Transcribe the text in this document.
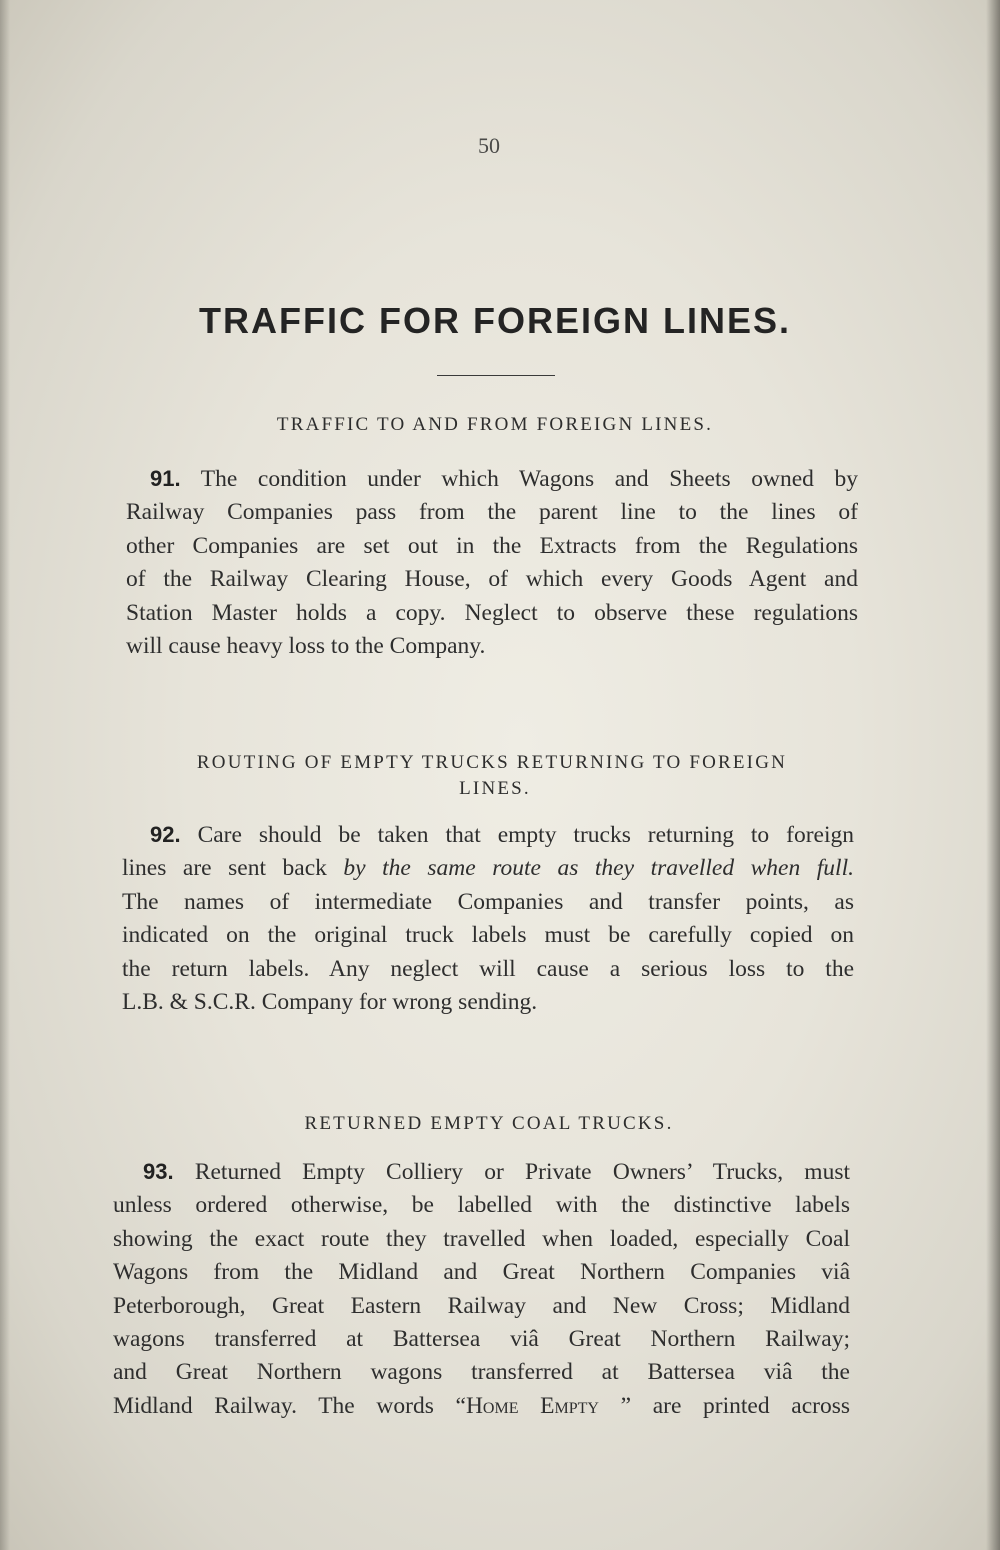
50
TRAFFIC FOR FOREIGN LINES.
TRAFFIC TO AND FROM FOREIGN LINES.
91. The condition under which Wagons and Sheets owned by
Railway Companies pass from the parent line to the lines of
other Companies are set out in the Extracts from the Regulations
of the Railway Clearing House, of which every Goods Agent and
Station Master holds a copy. Neglect to observe these regulations
will cause heavy loss to the Company.
ROUTING OF EMPTY TRUCKS RETURNING TO FOREIGN
LINES.
92. Care should be taken that empty trucks returning to foreign
lines are sent back by the same route as they travelled when full.
The names of intermediate Companies and transfer points, as
indicated on the original truck labels must be carefully copied on
the return labels. Any neglect will cause a serious loss to the
L.B. & S.C.R. Company for wrong sending.
RETURNED EMPTY COAL TRUCKS.
93. Returned Empty Colliery or Private Owners’ Trucks, must
unless ordered otherwise, be labelled with the distinctive labels
showing the exact route they travelled when loaded, especially Coal
Wagons from the Midland and Great Northern Companies viâ
Peterborough, Great Eastern Railway and New Cross; Midland
wagons transferred at Battersea viâ Great Northern Railway;
and Great Northern wagons transferred at Battersea viâ the
Midland Railway. The words “Home Empty ” are printed across
